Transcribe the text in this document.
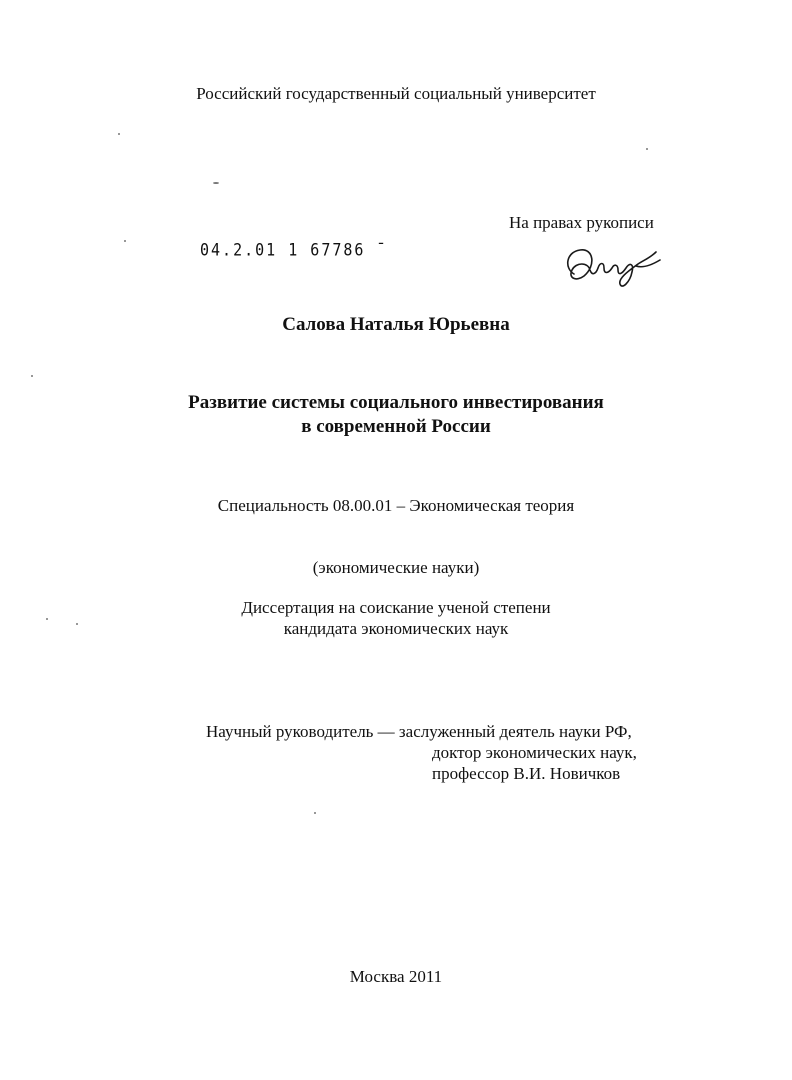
Российский государственный социальный университет
На правах рукописи
04.2.01 1 67786 ˉ
Салова Наталья Юрьевна
Развитие системы социального инвестирования
в современной России
Специальность 08.00.01 – Экономическая теория
(экономические науки)
Диссертация на соискание ученой степени
кандидата экономических наук
Научный руководитель — заслуженный деятель науки РФ,
доктор экономических наук,
профессор В.И. Новичков
Москва 2011
